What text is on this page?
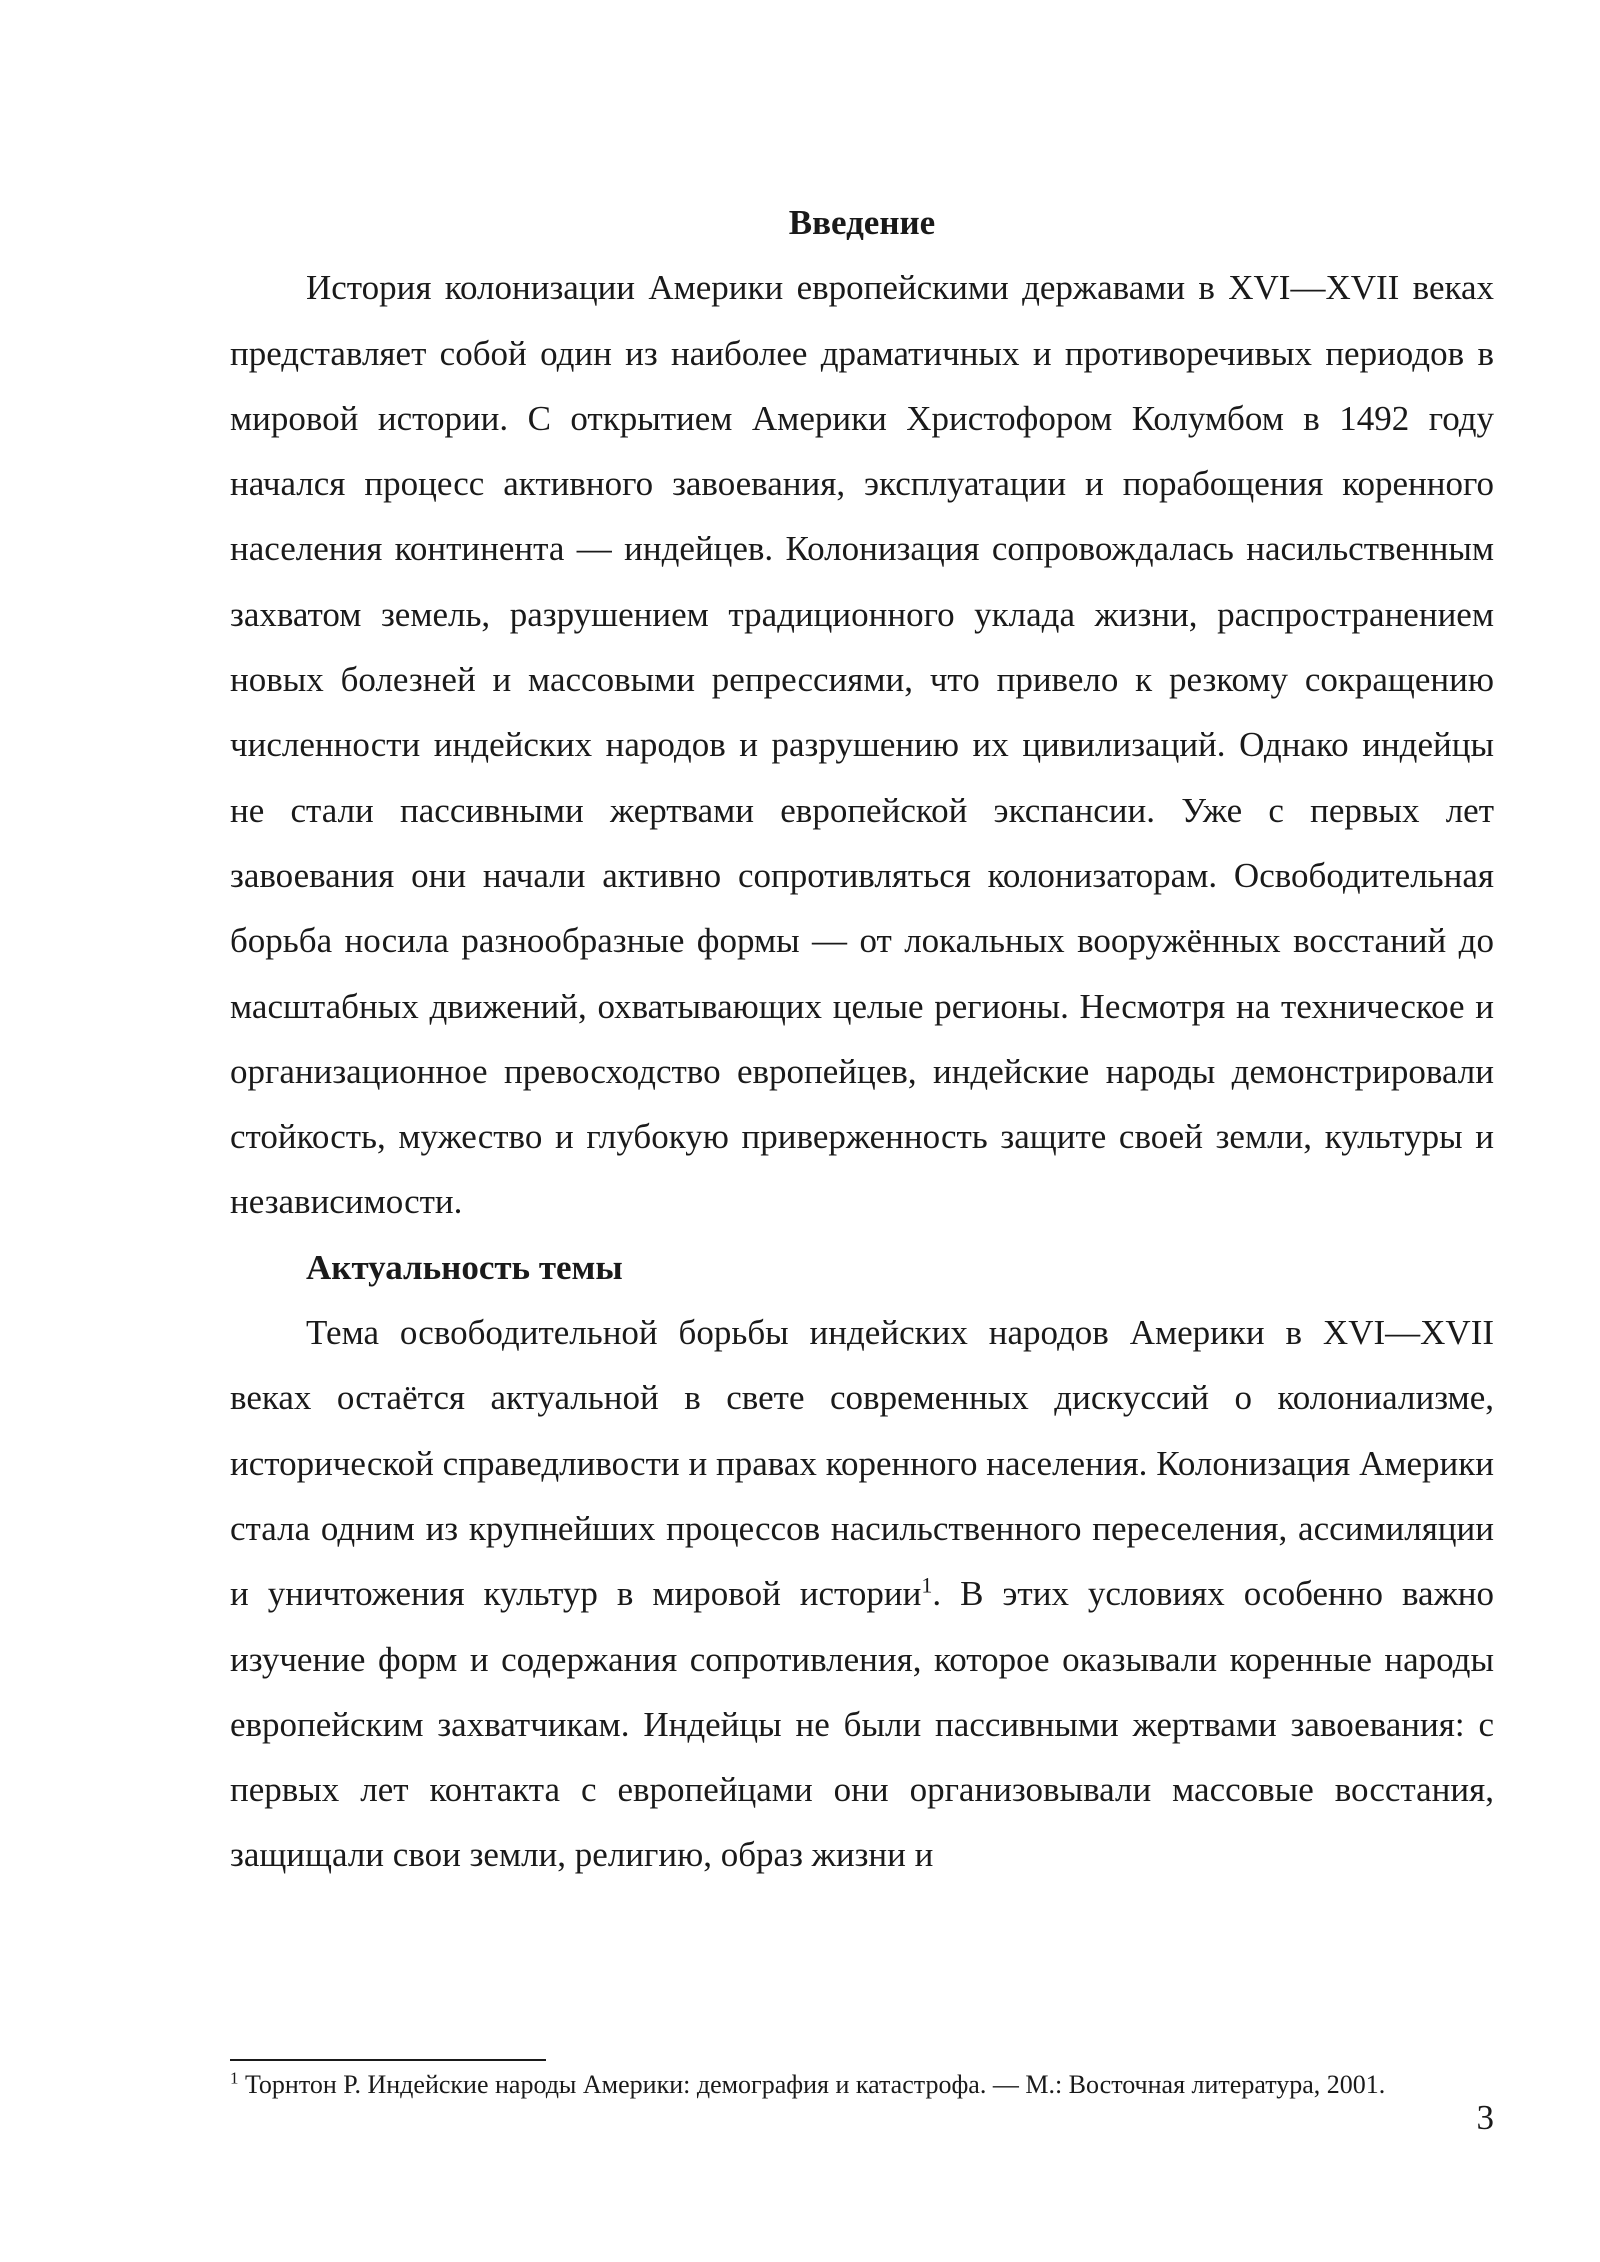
Введение

История колонизации Америки европейскими державами в XVI—XVII веках представляет собой один из наиболее драматичных и противоречивых периодов в мировой истории. С открытием Америки Христофором Колумбом в 1492 году начался процесс активного завоевания, эксплуатации и порабощения коренного населения континента — индейцев. Колонизация сопровождалась насильственным захватом земель, разрушением традиционного уклада жизни, распространением новых болезней и массовыми репрессиями, что привело к резкому сокращению численности индейских народов и разрушению их цивилизаций. Однако индейцы не стали пассивными жертвами европейской экспансии. Уже с первых лет завоевания они начали активно сопротивляться колонизаторам. Освободительная борьба носила разнообразные формы — от локальных вооружённых восстаний до масштабных движений, охватывающих целые регионы. Несмотря на техническое и организационное превосходство европейцев, индейские народы демонстрировали стойкость, мужество и глубокую приверженность защите своей земли, культуры и независимости.

Актуальность темы

Тема освободительной борьбы индейских народов Америки в XVI—XVII веках остаётся актуальной в свете современных дискуссий о колониализме, исторической справедливости и правах коренного населения. Колонизация Америки стала одним из крупнейших процессов насильственного переселения, ассимиляции и уничтожения культур в мировой истории$^1$. В этих условиях особенно важно изучение форм и содержания сопротивления, которое оказывали коренные народы европейским захватчикам. Индейцы не были пассивными жертвами завоевания: с первых лет контакта с европейцами они организовывали массовые восстания, защищали свои земли, религию, образ жизни и

$^1$ Торнтон Р. Индейские народы Америки: демография и катастрофа. — М.: Восточная литература, 2001.

3
